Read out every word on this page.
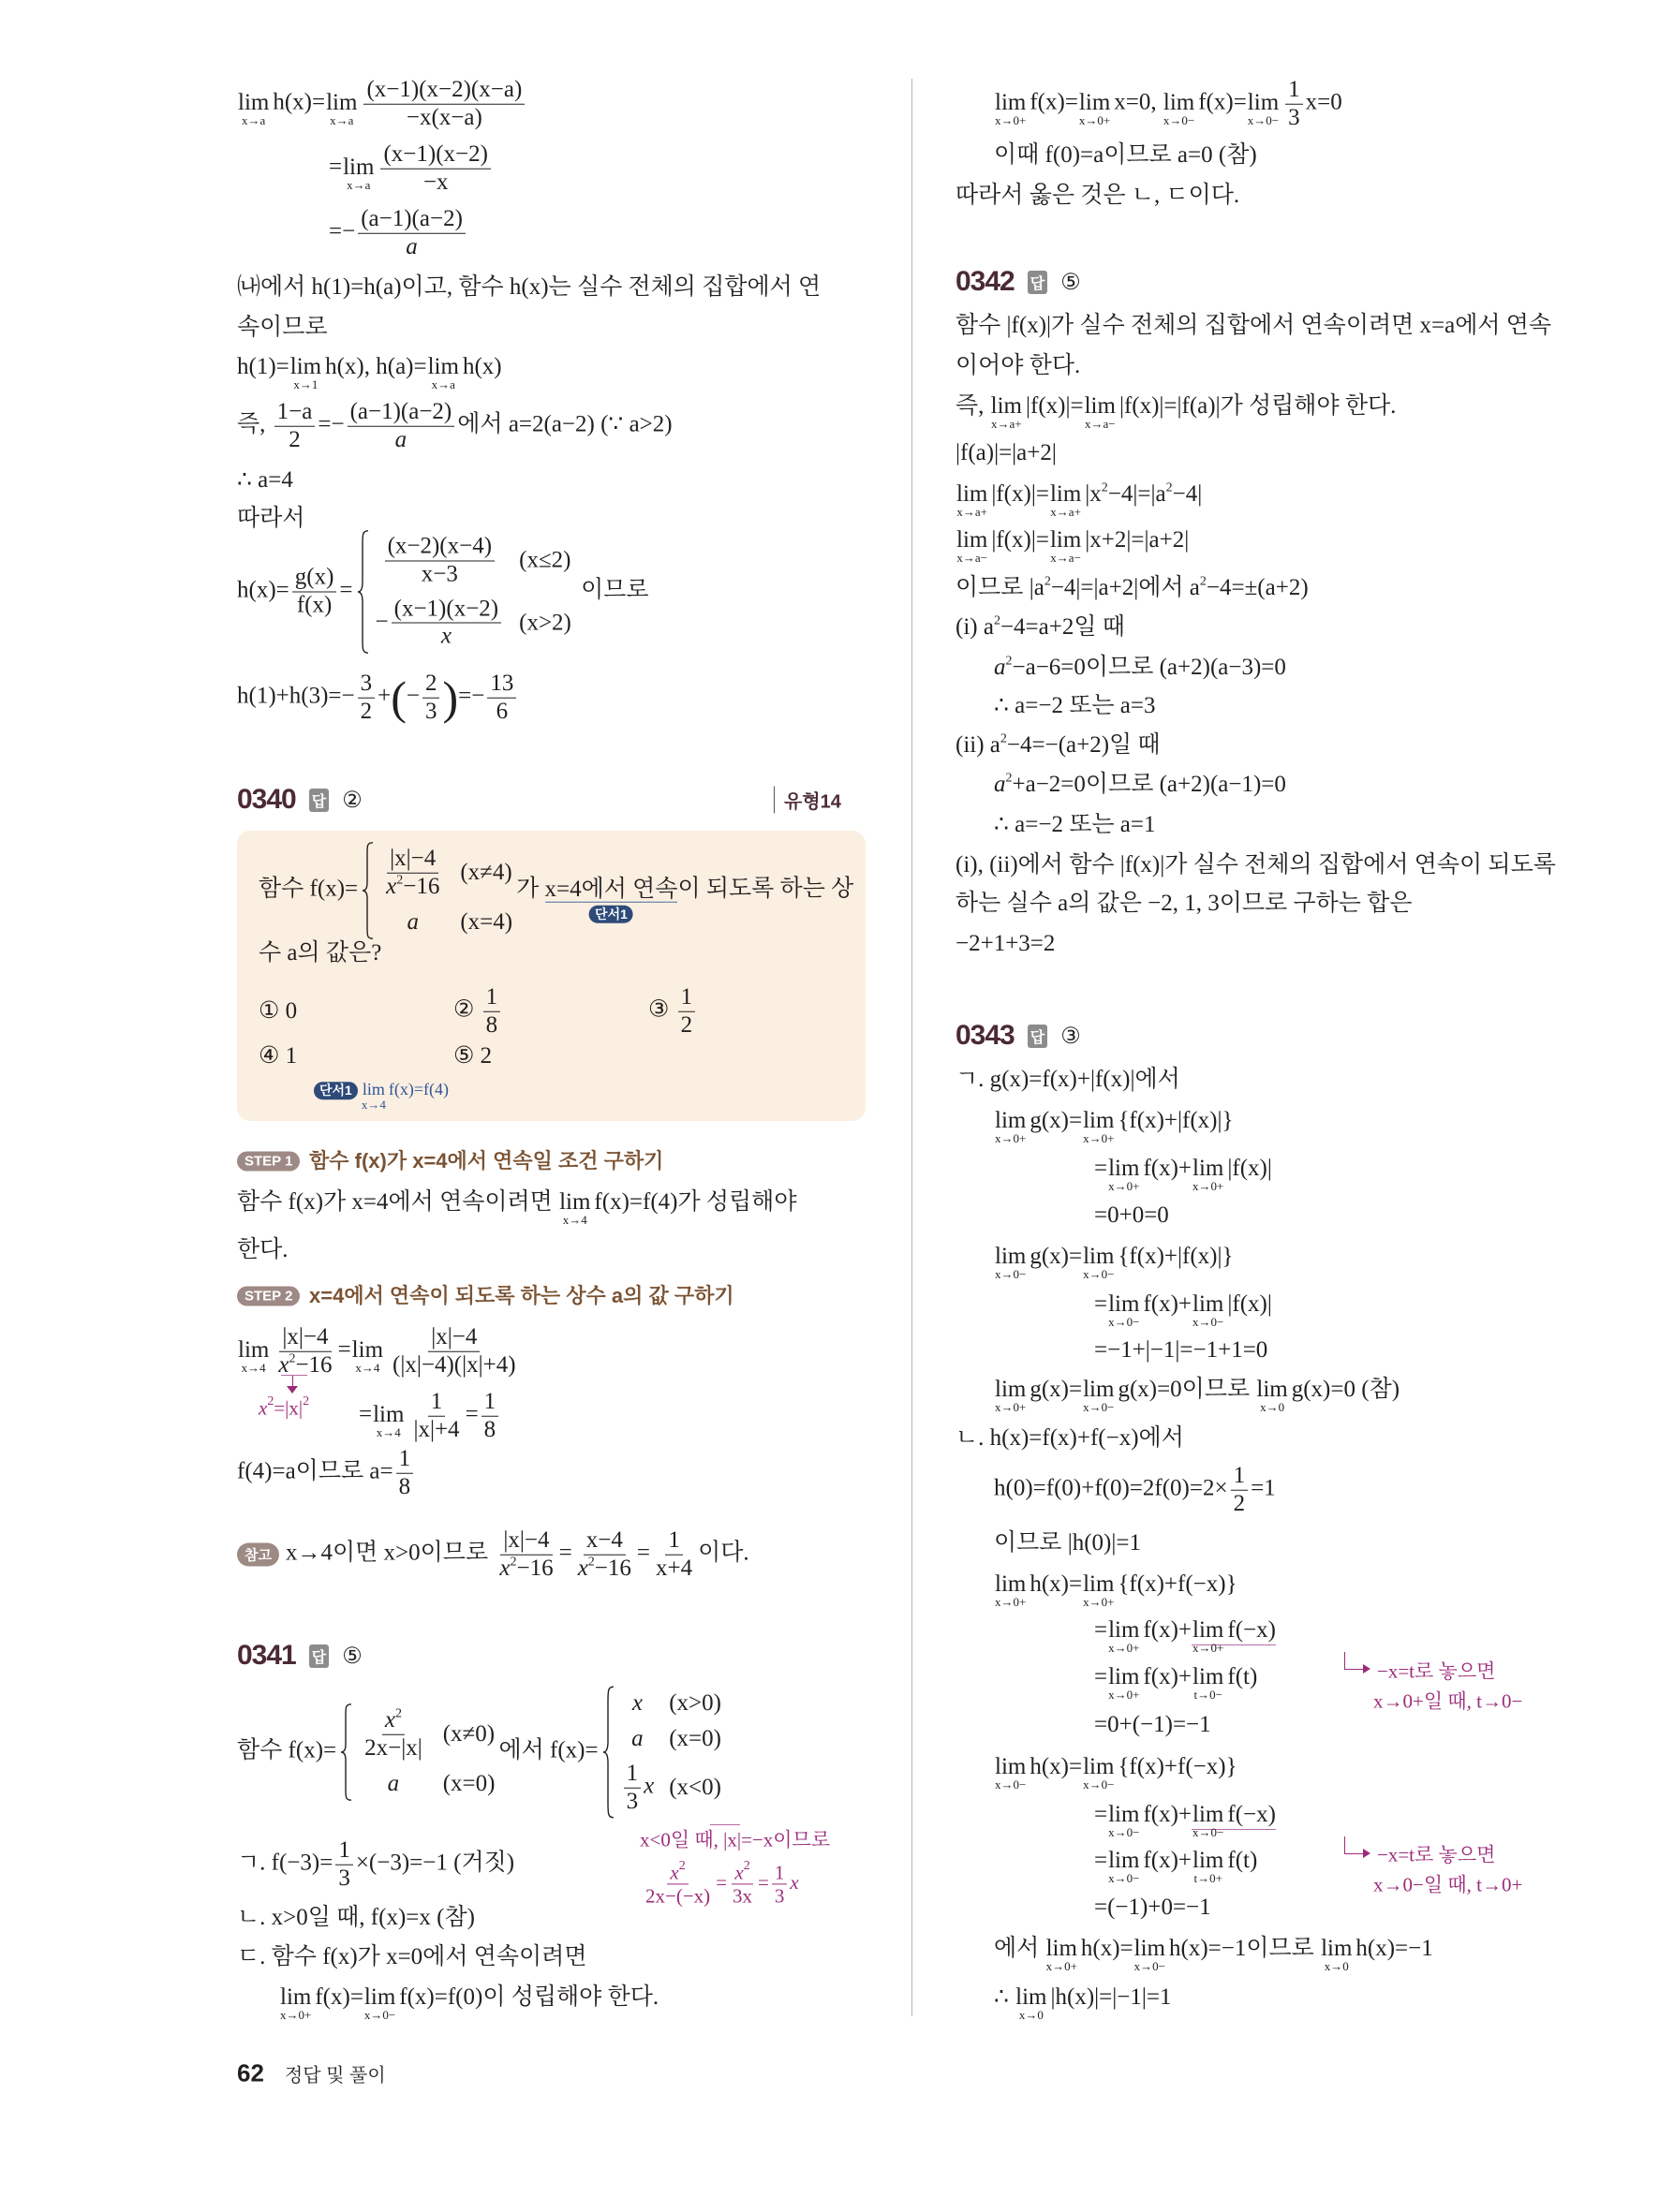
0340 답 ②	유형14
0341 답 ⑤
0342 답 ⑤
0343 답 ③
STEP 1
STEP 2
참고
lim
x→a
h(x)=lim
$x\to a \frac{(x-1)(x-2)(x-a)}{-x(x-a)}$
=lim
$x\to a \frac{(x-1)(x-2)}{-x}$
=− $\frac{(a-1)(a-2)}{a}$
㈏에서 h(1)=h(a)이고, 함수 h(x)는 실수 전체의 집합에서 연
속이므로
h(1)=lim
x→1
h(x), h(a)=lim
x→a
h(x)
즉, $\frac{1-a}{2} =- \frac{(a-1)(a-2)}{a}$ 에서 a=2(a−2) (∵ a>2)
∴ a=4
따라서
$h(x)= \frac{g(x)}{f(x)}$ =
$\frac{(x-2)(x-4)}{x-3} (x\le 2)$
− $\frac{(x-1)(x-2)}{x} (x>2)$
이므로
$h(1)+h(3)=- \frac{3}{2}$ +(− $\frac{2}{3}$ )=− $\frac{13}{6}$
함수 $f(x)= \frac{|x|-4}{x^2-16} (x\ne 4)$
a	(x=4)
가 x=4에서 연속
단서1
이 되도록 하는 상
수 a의 값은?
① 0	② $\frac{1}{8}$	③ $\frac{1}{2}$
④ 1	⑤ 2
단서1 lim
x→4
f(x)=f(4)
함수 f(x)가 x=4에서 연속일 조건 구하기
함수 f(x)가 x=4에서 연속이려면 lim
x→4
f(x)=f(4)가 성립해야
한다.
x=4에서 연속이 되도록 하는 상수 a의 값 구하기
lim
$x\to 4 \frac{|x|-4}{x^2-16} =\lim$
$x\to 4 \frac{|x|-4}{(|x|-4)(|x|+4)}$
$x^2=|x|^2$
=lim
$x\to 4 \frac{1}{|x|+4} = \frac{1}{8}$
f(4)=a이므로 $a= \frac{1}{8}$
x→4이면 x>0이므로 $\frac{|x|-4}{x^2-16} = \frac{x-4}{x^2-16} = \frac{1}{x+4}$ 이다.
함수 $f(x)= \frac{x^2}{2x-|x|} (x\ne 0)$
a	(x=0)
에서 f(x)=
x	(x>0)
a	(x=0)
$\frac{1}{3}$ x (x<0)
x<0일 때, |x|=−x이므로
$\frac{x^2}{2x-(-x)} = \frac{x^2}{3x} = \frac{1}{3}$ x
ㄱ. $f(-3)= \frac{1}{3} \times(-3)=-1$ (거짓)
ㄴ. x>0일 때, f(x)=x (참)
ㄷ. 함수 f(x)가 x=0에서 연속이려면
lim
x→0+
f(x)=lim
x→0−
f(x)=f(0)이 성립해야 한다.
lim
x→0+
f(x)=lim
x→0+
x=0, lim
x→0−
f(x)=lim
$x\to 0- \frac{1}{3} x=0$
이때 f(0)=a이므로 a=0 (참)
따라서 옳은 것은 ㄴ, ㄷ이다.
함수 |f(x)|가 실수 전체의 집합에서 연속이려면 x=a에서 연속
이어야 한다.
즉, lim
x→a+
|f(x)|=lim
x→a−
|f(x)|=|f(a)|가 성립해야 한다.
|f(a)|=|a+2|
lim
x→a+
|f(x)|=lim
x→a+
$|x^2-4|=|a^2-4|$
lim
x→a−
|f(x)|=lim
x→a−
|x+2|=|a+2|
이므로 $|a^2-4|=|a+2|$에서 $a^2-4=\pm(a+2)$
(i) $a^2-4=a+2$일 때
$a^2-a-6=0$이므로 (a+2)(a−3)=0
∴ a=−2 또는 a=3
(ii) $a^2-4=-(a+2)$일 때
$a^2+a-2=0$이므로 (a+2)(a−1)=0
∴ a=−2 또는 a=1
(i), (ii)에서 함수 |f(x)|가 실수 전체의 집합에서 연속이 되도록
하는 실수 a의 값은 −2, 1, 3이므로 구하는 합은
−2+1+3=2
ㄱ. g(x)=f(x)+|f(x)|에서
lim
x→0+
g(x)=lim
x→0+
{f(x)+|f(x)|}
=lim
x→0+
f(x)+lim
x→0+
|f(x)|
=0+0=0
lim
x→0−
g(x)=lim
x→0−
{f(x)+|f(x)|}
=lim
x→0−
f(x)+lim
x→0−
|f(x)|
=−1+|−1|=−1+1=0
lim
x→0+
g(x)=lim
x→0−
g(x)=0이므로 lim
x→0
g(x)=0 (참)
ㄴ. h(x)=f(x)+f(−x)에서
$h(0)=f(0)+f(0)=2f(0)=2\times \frac{1}{2} =1$
이므로 |h(0)|=1
lim
x→0+
h(x)=lim
x→0+
{f(x)+f(−x)}
=lim
x→0+
f(x)+lim
x→0+
f(−x)
=lim
x→0+
f(x)+lim
t→0−
f(t)	−x=t로 놓으면
x→0+일 때, t→0−
=0+(−1)=−1
lim
x→0−
h(x)=lim
x→0−
{f(x)+f(−x)}
=lim
x→0−
f(x)+lim
x→0−
f(−x)
=lim
x→0−
f(x)+lim
t→0+
f(t)	−x=t로 놓으면
x→0−일 때, t→0+
=(−1)+0=−1
에서 lim
x→0+
h(x)=lim
x→0−
h(x)=−1이므로 lim
x→0
h(x)=−1
∴ lim
x→0
|h(x)|=|−1|=1
62 정답 및 풀이
